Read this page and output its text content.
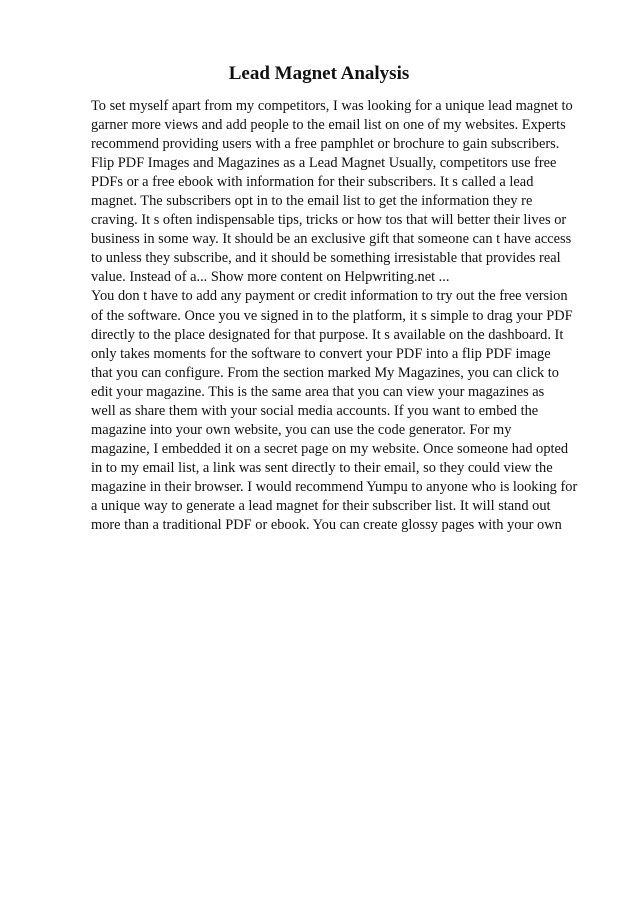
Lead Magnet Analysis
To set myself apart from my competitors, I was looking for a unique lead magnet to
garner more views and add people to the email list on one of my websites. Experts
recommend providing users with a free pamphlet or brochure to gain subscribers.
Flip PDF Images and Magazines as a Lead Magnet Usually, competitors use free
PDFs or a free ebook with information for their subscribers. It s called a lead
magnet. The subscribers opt in to the email list to get the information they re
craving. It s often indispensable tips, tricks or how tos that will better their lives or
business in some way. It should be an exclusive gift that someone can t have access
to unless they subscribe, and it should be something irresistable that provides real
value. Instead of a... Show more content on Helpwriting.net ...
You don t have to add any payment or credit information to try out the free version
of the software. Once you ve signed in to the platform, it s simple to drag your PDF
directly to the place designated for that purpose. It s available on the dashboard. It
only takes moments for the software to convert your PDF into a flip PDF image
that you can configure. From the section marked My Magazines, you can click to
edit your magazine. This is the same area that you can view your magazines as
well as share them with your social media accounts. If you want to embed the
magazine into your own website, you can use the code generator. For my
magazine, I embedded it on a secret page on my website. Once someone had opted
in to my email list, a link was sent directly to their email, so they could view the
magazine in their browser. I would recommend Yumpu to anyone who is looking for
a unique way to generate a lead magnet for their subscriber list. It will stand out
more than a traditional PDF or ebook. You can create glossy pages with your own
